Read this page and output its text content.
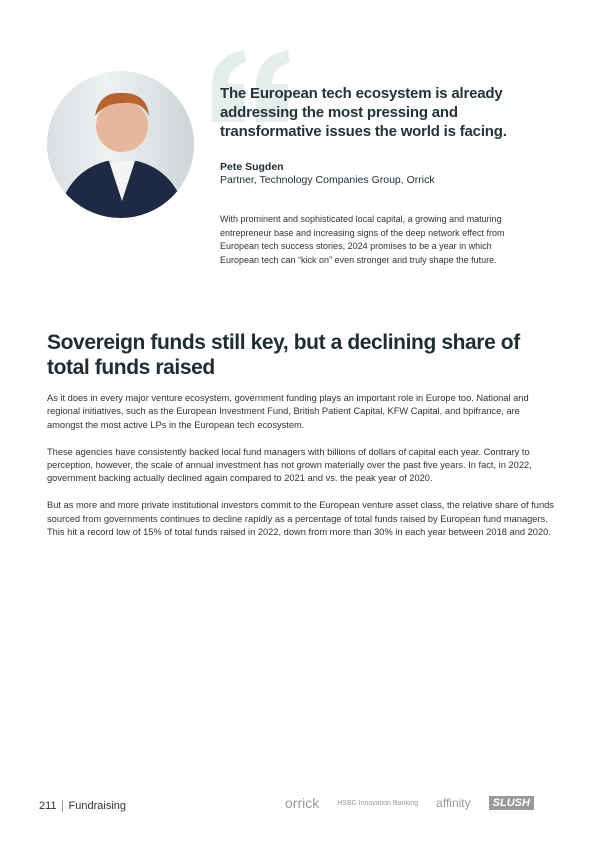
The European tech ecosystem is already addressing the most pressing and transformative issues the world is facing.
Pete Sugden
Partner, Technology Companies Group, Orrick
With prominent and sophisticated local capital, a growing and maturing entrepreneur base and increasing signs of the deep network effect from European tech success stories, 2024 promises to be a year in which European tech can “kick on” even stronger and truly shape the future.
Sovereign funds still key, but a declining share of total funds raised

As it does in every major venture ecosystem, government funding plays an important role in Europe too. National and regional initiatives, such as the European Investment Fund, British Patient Capital, KFW Capital, and bpifrance, are amongst the most active LPs in the European tech ecosystem.

These agencies have consistently backed local fund managers with billions of dollars of capital each year. Contrary to perception, however, the scale of annual investment has not grown materially over the past five years. In fact, in 2022, government backing actually declined again compared to 2021 and vs. the peak year of 2020.

But as more and more private institutional investors commit to the European venture asset class, the relative share of funds sourced from governments continues to decline rapidly as a percentage of total funds raised by European fund managers. This hit a record low of 15% of total funds raised in 2022, down from more than 30% in each year between 2018 and 2020.

211	Fundraising	orrick	HSBC Innovation Banking affinity	SLUSH
